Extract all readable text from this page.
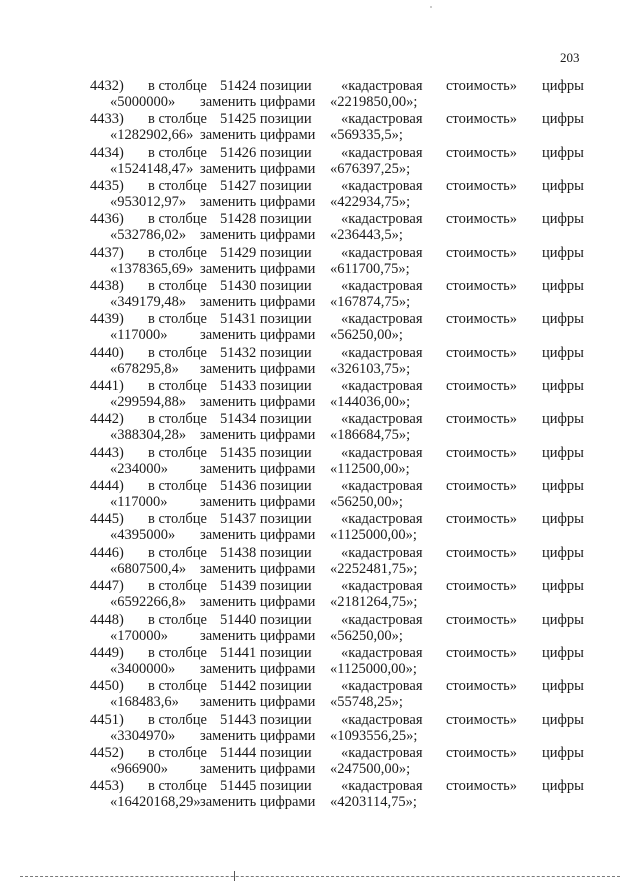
203
4432) в столбце 51424 позиции «кадастровая стоимость» цифры
«5000000» заменить цифрами «2219850,00»;
4433) в столбце 51425 позиции «кадастровая стоимость» цифры
«1282902,66» заменить цифрами «569335,5»;
4434) в столбце 51426 позиции «кадастровая стоимость» цифры
«1524148,47» заменить цифрами «676397,25»;
4435) в столбце 51427 позиции «кадастровая стоимость» цифры
«953012,97» заменить цифрами «422934,75»;
4436) в столбце 51428 позиции «кадастровая стоимость» цифры
«532786,02» заменить цифрами «236443,5»;
4437) в столбце 51429 позиции «кадастровая стоимость» цифры
«1378365,69» заменить цифрами «611700,75»;
4438) в столбце 51430 позиции «кадастровая стоимость» цифры
«349179,48» заменить цифрами «167874,75»;
4439) в столбце 51431 позиции «кадастровая стоимость» цифры
«117000» заменить цифрами «56250,00»;
4440) в столбце 51432 позиции «кадастровая стоимость» цифры
«678295,8» заменить цифрами «326103,75»;
4441) в столбце 51433 позиции «кадастровая стоимость» цифры
«299594,88» заменить цифрами «144036,00»;
4442) в столбце 51434 позиции «кадастровая стоимость» цифры
«388304,28» заменить цифрами «186684,75»;
4443) в столбце 51435 позиции «кадастровая стоимость» цифры
«234000» заменить цифрами «112500,00»;
4444) в столбце 51436 позиции «кадастровая стоимость» цифры
«117000» заменить цифрами «56250,00»;
4445) в столбце 51437 позиции «кадастровая стоимость» цифры
«4395000» заменить цифрами «1125000,00»;
4446) в столбце 51438 позиции «кадастровая стоимость» цифры
«6807500,4» заменить цифрами «2252481,75»;
4447) в столбце 51439 позиции «кадастровая стоимость» цифры
«6592266,8» заменить цифрами «2181264,75»;
4448) в столбце 51440 позиции «кадастровая стоимость» цифры
«170000» заменить цифрами «56250,00»;
4449) в столбце 51441 позиции «кадастровая стоимость» цифры
«3400000» заменить цифрами «1125000,00»;
4450) в столбце 51442 позиции «кадастровая стоимость» цифры
«168483,6» заменить цифрами «55748,25»;
4451) в столбце 51443 позиции «кадастровая стоимость» цифры
«3304970» заменить цифрами «1093556,25»;
4452) в столбце 51444 позиции «кадастровая стоимость» цифры
«966900» заменить цифрами «247500,00»;
4453) в столбце 51445 позиции «кадастровая стоимость» цифры
«16420168,29» заменить цифрами «4203114,75»;
